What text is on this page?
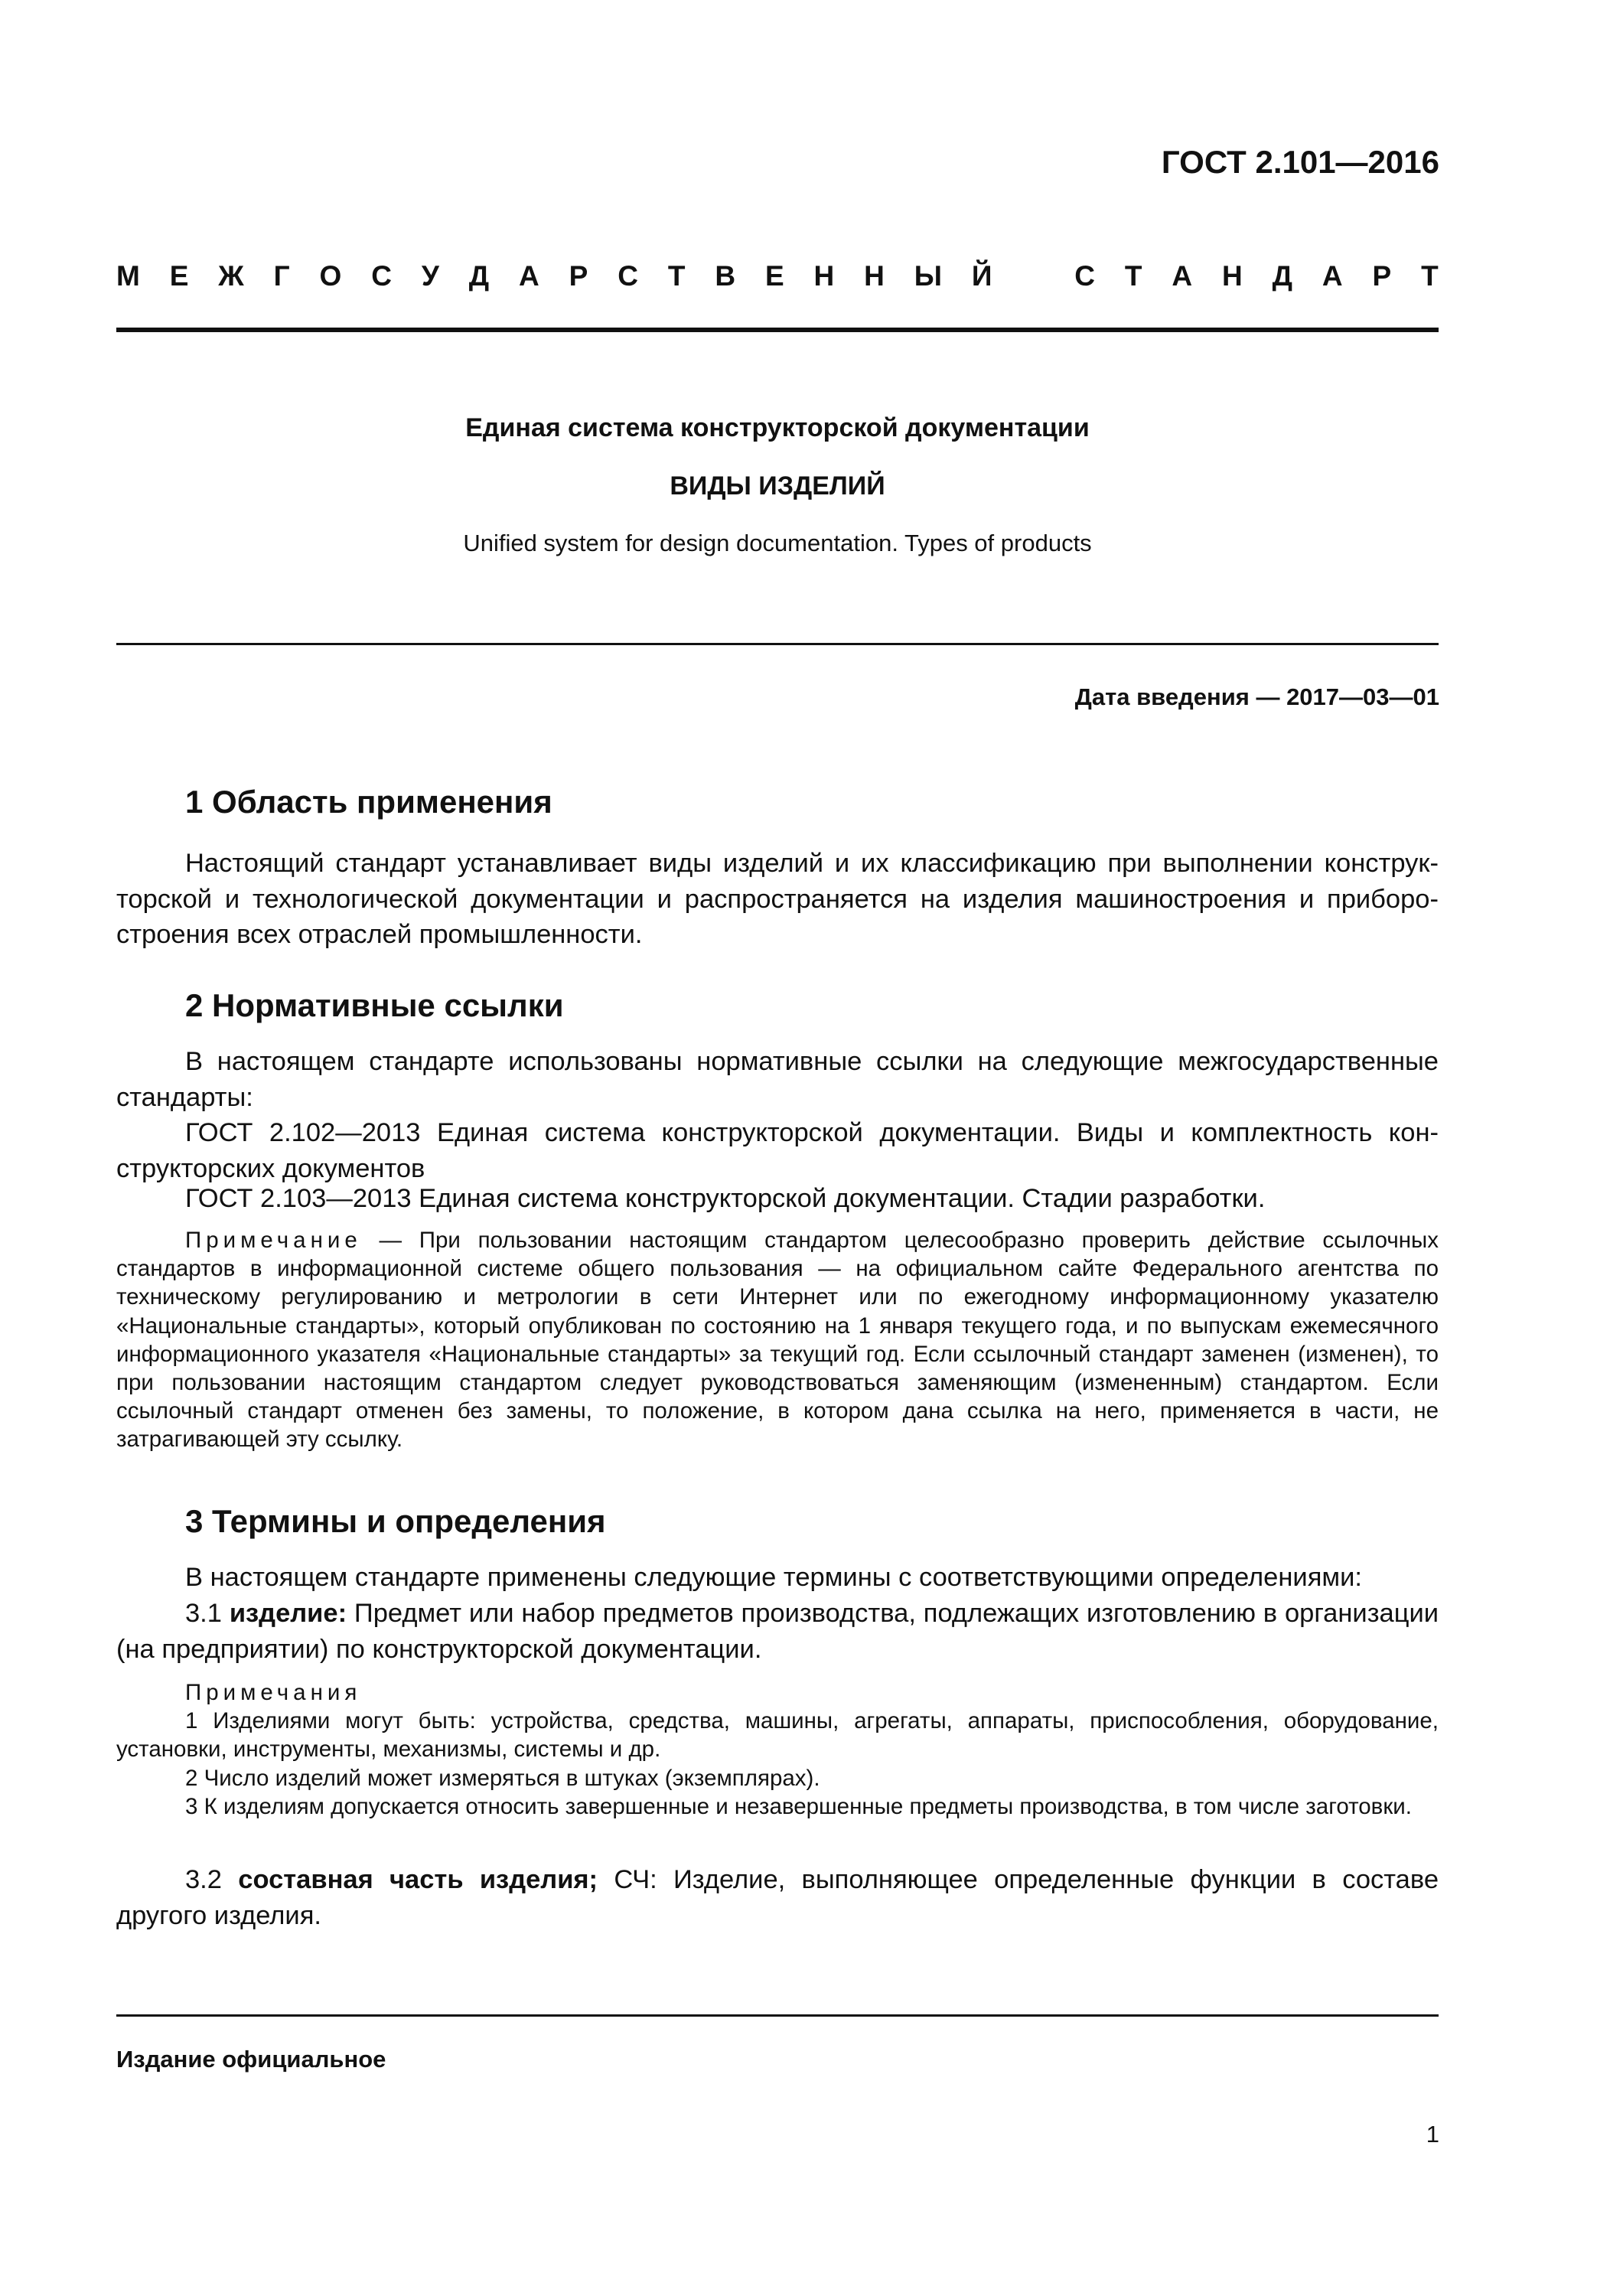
ГОСТ 2.101—2016
М Е Ж Г О С У Д А Р С Т В Е Н Н Ы Й	С Т А Н Д А Р Т
Единая система конструкторской документации
ВИДЫ ИЗДЕЛИЙ
Unified system for design documentation. Types of products
Дата введения — 2017—03—01
1 Область применения

Настоящий стандарт устанавливает виды изделий и их классификацию при выполнении конструкторской и технологической документации и распространяется на изделия машиностроения и приборостроения всех отраслей промышленности.

2 Нормативные ссылки

В настоящем стандарте использованы нормативные ссылки на следующие межгосударственные стандарты:

ГОСТ 2.102—2013 Единая система конструкторской документации. Виды и комплектность конструкторских документов

ГОСТ 2.103—2013 Единая система конструкторской документации. Стадии разработки.

Примечание — При пользовании настоящим стандартом целесообразно проверить действие ссылочных стандартов в информационной системе общего пользования — на официальном сайте Федерального агентства по техническому регулированию и метрологии в сети Интернет или по ежегодному информационному указателю «Национальные стандарты», который опубликован по состоянию на 1 января текущего года, и по выпускам ежемесячного информационного указателя «Национальные стандарты» за текущий год. Если ссылочный стандарт заменен (изменен), то при пользовании настоящим стандартом следует руководствоваться заменяющим (измененным) стандартом. Если ссылочный стандарт отменен без замены, то положение, в котором дана ссылка на него, применяется в части, не затрагивающей эту ссылку.

3 Термины и определения

В настоящем стандарте применены следующие термины с соответствующими определениями:

3.1 изделие: Предмет или набор предметов производства, подлежащих изготовлению в организации (на предприятии) по конструкторской документации.

Примечания

1 Изделиями могут быть: устройства, средства, машины, агрегаты, аппараты, приспособления, оборудование, установки, инструменты, механизмы, системы и др.

2 Число изделий может измеряться в штуках (экземплярах).

3 К изделиям допускается относить завершенные и незавершенные предметы производства, в том числе заготовки.

3.2 составная часть изделия; СЧ: Изделие, выполняющее определенные функции в составе другого изделия.

Издание официальное
1
